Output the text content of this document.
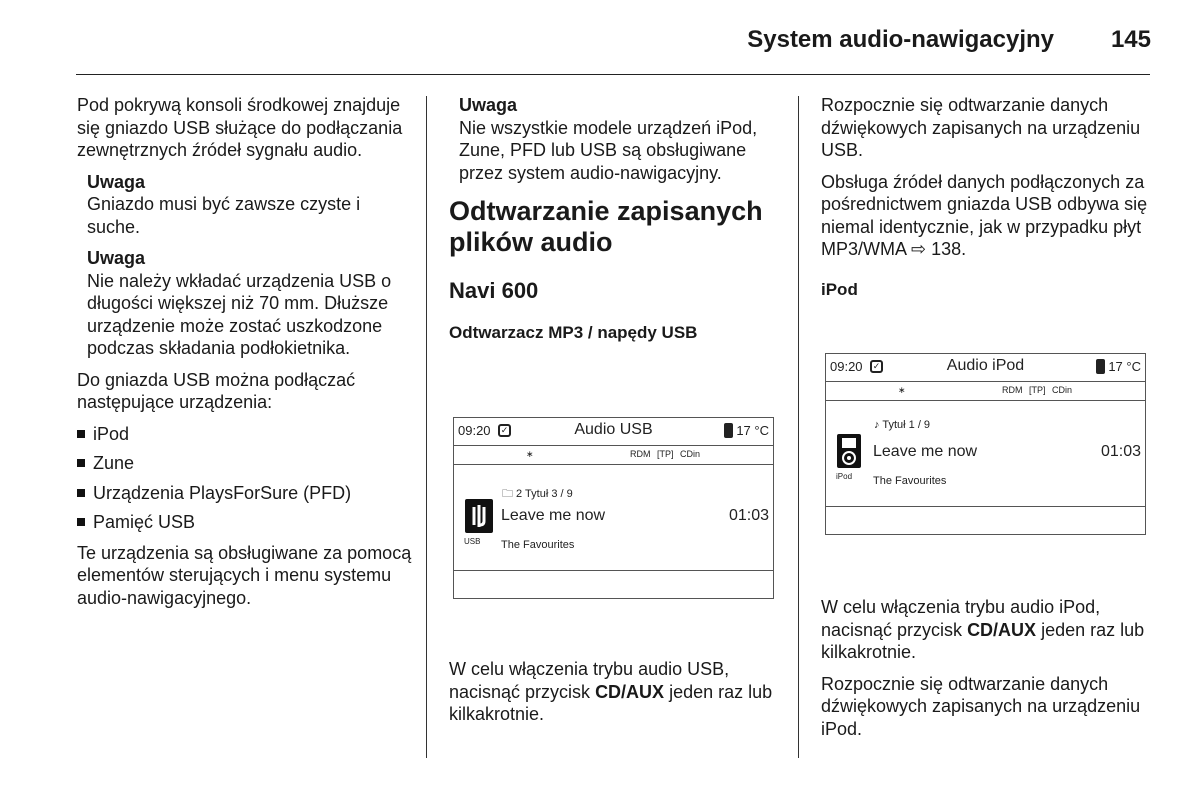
System audio-nawigacyjny 145

Pod pokrywą konsoli środkowej znajduje się gniazdo USB służące do podłączania zewnętrznych źródeł sygnału audio.

Uwaga
Gniazdo musi być zawsze czyste i suche.
Uwaga
Nie należy wkładać urządzenia USB o długości większej niż 70 mm. Dłuższe urządzenie może zostać uszkodzone podczas składania podłokietnika.

Do gniazda USB można podłączać następujące urządzenia:

iPod
Zune
Urządzenia PlaysForSure (PFD)
Pamięć USB

Te urządzenia są obsługiwane za pomocą elementów sterujących i menu systemu audio-nawigacyjnego.

Uwaga
Nie wszystkie modele urządzeń iPod, Zune, PFD lub USB są obsługiwane przez system audio-nawigacyjny.
Odtwarzanie zapisanych plików audio
Navi 600
Odtwarzacz MP3 / napędy USB
09:20	✓	Audio USB	17 °C
∗	RDM [TP] CDin
🗀 2 Tytuł 3 / 9
USB
Leave me now	01:03
The Favourites

W celu włączenia trybu audio USB, nacisnąć przycisk CD/AUX jeden raz lub kilkakrotnie.

Rozpocznie się odtwarzanie danych dźwiękowych zapisanych na urządzeniu USB.

Obsługa źródeł danych podłączonych za pośrednictwem gniazda USB odbywa się niemal identycznie, jak w przypadku płyt MP3/WMA ⇨ 138.

iPod
09:20	✓	Audio iPod	17 °C
∗	RDM [TP] CDin
♪ Tytuł 1 / 9
iPod
Leave me now	01:03
The Favourites

W celu włączenia trybu audio iPod, nacisnąć przycisk CD/AUX jeden raz lub kilkakrotnie.

Rozpocznie się odtwarzanie danych dźwiękowych zapisanych na urządzeniu iPod.
